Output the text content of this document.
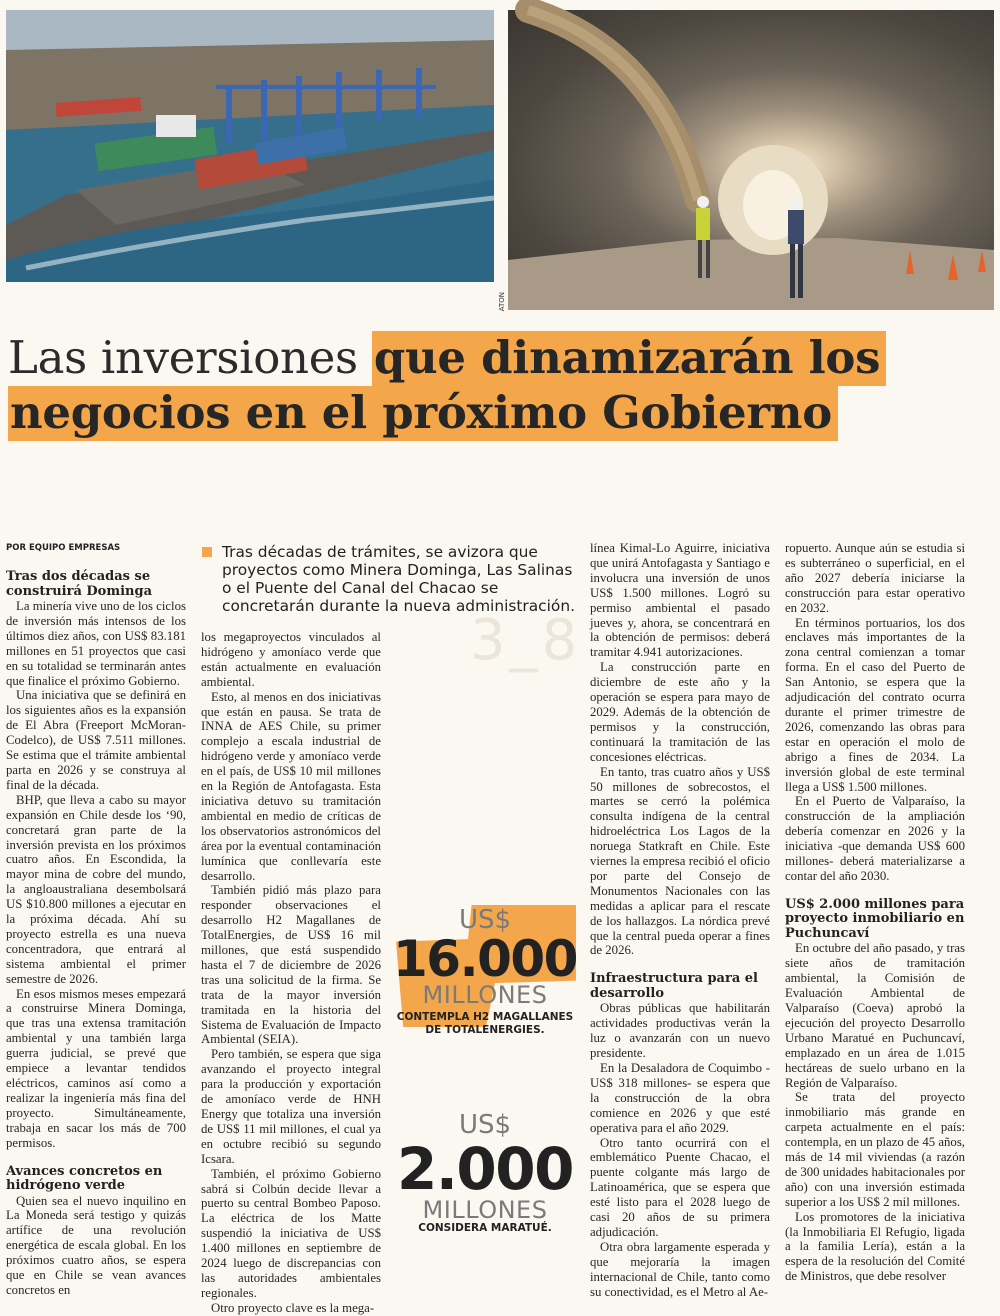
ATON
Las inversiones que dinamizarán los
negocios en el próximo Gobierno
3_8
POR EQUIPO EMPRESAS	Tras décadas de trámites, se avizora que proyectos como Minera Dominga, Las Salinas o el Puente del Canal del Chacao se concretarán durante la nueva administración.
Tras dos décadas se construirá Dominga

La minería vive uno de los ciclos de inversión más intensos de los últimos diez años, con US$ 83.181 millones en 51 proyectos que casi en su totalidad se terminarán antes que finalice el próximo Gobierno.

Una iniciativa que se definirá en los siguientes años es la expansión de El Abra (Freeport McMoran-Codelco), de US$ 7.511 millones. Se estima que el trámite ambiental parta en 2026 y se construya al final de la década.

BHP, que lleva a cabo su mayor expansión en Chile desde los ‘90, concretará gran parte de la inversión prevista en los próximos cuatro años. En Escondida, la mayor mina de cobre del mundo, la angloaustraliana desembolsará US $10.800 millones a ejecutar en la próxima década. Ahí su proyecto estrella es una nueva concentradora, que entrará al sistema ambiental el primer semestre de 2026.

En esos mismos meses empezará a construirse Minera Dominga, que tras una extensa tramitación ambiental y una también larga guerra judicial, se prevé que empiece a levantar tendidos eléctricos, caminos así como a realizar la ingeniería más fina del proyecto. Simultáneamente, trabaja en sacar los más de 700 permisos.

Avances concretos en hidrógeno verde

Quien sea el nuevo inquilino en La Moneda será testigo y quizás artífice de una revolución energética de escala global. En los próximos cuatro años, se espera que en Chile se vean avances concretos en

los megaproyectos vinculados al hidrógeno y amoníaco verde que están actualmente en evaluación ambiental.

Esto, al menos en dos iniciativas que están en pausa. Se trata de INNA de AES Chile, su primer complejo a escala industrial de hidrógeno verde y amoníaco verde en el país, de US$ 10 mil millones en la Región de Antofagasta. Esta iniciativa detuvo su tramitación ambiental en medio de críticas de los observatorios astronómicos del área por la eventual contaminación lumínica que conllevaría este desarrollo.

También pidió más plazo para responder observaciones el desarrollo H2 Magallanes de TotalEnergies, de US$ 16 mil millones, que está suspendido hasta el 7 de diciembre de 2026 tras una solicitud de la firma. Se trata de la mayor inversión tramitada en la historia del Sistema de Evaluación de Impacto Ambiental (SEIA).

Pero también, se espera que siga avanzando el proyecto integral para la producción y exportación de amoníaco verde de HNH Energy que totaliza una inversión de US$ 11 mil millones, el cual ya en octubre recibió su segundo Icsara.

También, el próximo Gobierno sabrá si Colbún decide llevar a puerto su central Bombeo Paposo. La eléctrica de los Matte suspendió la iniciativa de US$ 1.400 millones en septiembre de 2024 luego de discrepancias con las autoridades ambientales regionales.

Otro proyecto clave es la mega-

US$
16.000
MILLONES
CONTEMPLA H2 MAGALLANES DE TOTALENERGIES.
US$
2.000
MILLONES
CONSIDERA MARATUÉ.

línea Kimal-Lo Aguirre, iniciativa que unirá Antofagasta y Santiago e involucra una inversión de unos US$ 1.500 millones. Logró su permiso ambiental el pasado jueves y, ahora, se concentrará en la obtención de permisos: deberá tramitar 4.941 autorizaciones.

La construcción parte en diciembre de este año y la operación se espera para mayo de 2029. Además de la obtención de permisos y la construcción, continuará la tramitación de las concesiones eléctricas.

En tanto, tras cuatro años y US$ 50 millones de sobrecostos, el martes se cerró la polémica consulta indígena de la central hidroeléctrica Los Lagos de la noruega Statkraft en Chile. Este viernes la empresa recibió el oficio por parte del Consejo de Monumentos Nacionales con las medidas a aplicar para el rescate de los hallazgos. La nórdica prevé que la central pueda operar a fines de 2026.

Infraestructura para el desarrollo

Obras públicas que habilitarán actividades productivas verán la luz o avanzarán con un nuevo presidente.

En la Desaladora de Coquimbo -US$ 318 millones- se espera que la construcción de la obra comience en 2026 y que esté operativa para el año 2029.

Otro tanto ocurrirá con el emblemático Puente Chacao, el puente colgante más largo de Latinoamérica, que se espera que esté listo para el 2028 luego de casi 20 años de su primera adjudicación.

Otra obra largamente esperada y que mejoraría la imagen internacional de Chile, tanto como su conectividad, es el Metro al Ae-

ropuerto. Aunque aún se estudia si es subterráneo o superficial, en el año 2027 debería iniciarse la construcción para estar operativo en 2032.

En términos portuarios, los dos enclaves más importantes de la zona central comienzan a tomar forma. En el caso del Puerto de San Antonio, se espera que la adjudicación del contrato ocurra durante el primer trimestre de 2026, comenzando las obras para estar en operación el molo de abrigo a fines de 2034. La inversión global de este terminal llega a US$ 1.500 millones.

En el Puerto de Valparaíso, la construcción de la ampliación debería comenzar en 2026 y la iniciativa -que demanda US$ 600 millones- deberá materializarse a contar del año 2030.

US$ 2.000 millones para proyecto inmobiliario en Puchuncaví

En octubre del año pasado, y tras siete años de tramitación ambiental, la Comisión de Evaluación Ambiental de Valparaíso (Coeva) aprobó la ejecución del proyecto Desarrollo Urbano Maratué en Puchuncaví, emplazado en un área de 1.015 hectáreas de suelo urbano en la Región de Valparaíso.

Se trata del proyecto inmobiliario más grande en carpeta actualmente en el país: contempla, en un plazo de 45 años, más de 14 mil viviendas (a razón de 300 unidades habitacionales por año) con una inversión estimada superior a los US$ 2 mil millones.

Los promotores de la iniciativa (la Inmobiliaria El Refugio, ligada a la familia Lería), están a la espera de la resolución del Comité de Ministros, que debe resolver
